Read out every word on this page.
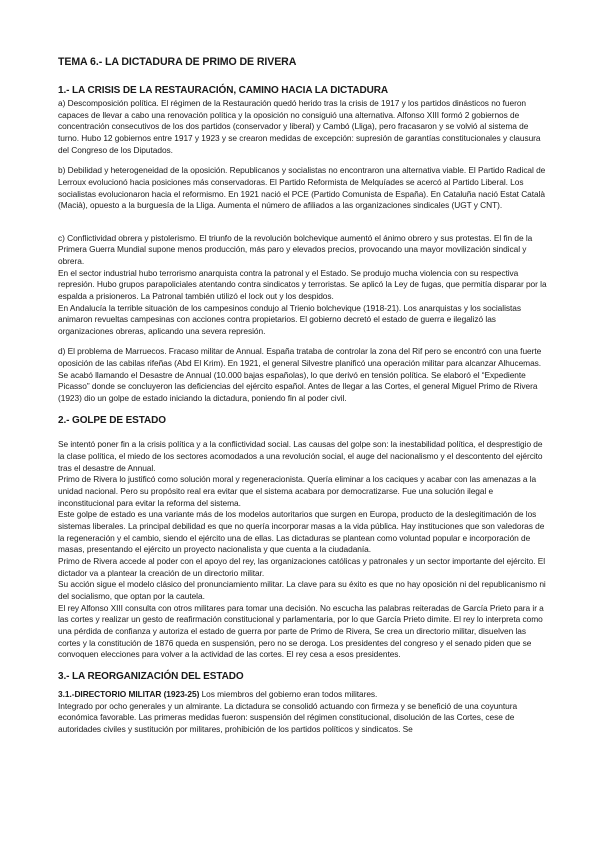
TEMA 6.- LA DICTADURA DE PRIMO DE RIVERA
1.- LA CRISIS DE LA RESTAURACIÓN, CAMINO HACIA LA DICTADURA
a) Descomposición política. El régimen de la Restauración quedó herido tras la crisis de 1917 y los partidos dinásticos no fueron capaces de llevar a cabo una renovación política y la oposición no consiguió una alternativa. Alfonso XIII formó 2 gobiernos de concentración consecutivos de los dos partidos (conservador y liberal) y Cambó (Lliga), pero fracasaron y se volvió al sistema de turno. Hubo 12 gobiernos entre 1917 y 1923 y se crearon medidas de excepción: supresión de garantías constitucionales y clausura del Congreso de los Diputados.
b) Debilidad y heterogeneidad de la oposición. Republicanos y socialistas no encontraron una alternativa viable. El Partido Radical de Lerroux evolucionó hacia posiciones más conservadoras. El Partido Reformista de Melquíades se acercó al Partido Liberal. Los socialistas evolucionaron hacia el reformismo. En 1921 nació el PCE (Partido Comunista de España). En Cataluña nació Estat Català (Macià), opuesto a la burguesía de la Lliga. Aumenta el número de afiliados a las organizaciones sindicales (UGT y CNT).

c) Conflictividad obrera y pistolerismo. El triunfo de la revolución bolchevique aumentó el ánimo obrero y sus protestas. El fin de la Primera Guerra Mundial supone menos producción, más paro y elevados precios, provocando una mayor movilización sindical y obrera.
En el sector industrial hubo terrorismo anarquista contra la patronal y el Estado. Se produjo mucha violencia con su respectiva represión. Hubo grupos parapoliciales atentando contra sindicatos y terroristas. Se aplicó la Ley de fugas, que permitía disparar por la espalda a prisioneros. La Patronal también utilizó el lock out y los despidos.
En Andalucía la terrible situación de los campesinos condujo al Trienio bolchevique (1918-21). Los anarquistas y los socialistas animaron revueltas campesinas con acciones contra propietarios. El gobierno decretó el estado de guerra e ilegalizó las organizaciones obreras, aplicando una severa represión.

d) El problema de Marruecos. Fracaso militar de Annual. España trataba de controlar la zona del Rif pero se encontró con una fuerte oposición de las cabilas rifeñas (Abd El Krim). En 1921, el general Silvestre planificó una operación militar para alcanzar Alhucemas. Se acabó llamando el Desastre de Annual (10.000 bajas españolas), lo que derivó en tensión política. Se elaboró el “Expediente Picasso” donde se concluyeron las deficiencias del ejército español. Antes de llegar a las Cortes, el general Miguel Primo de Rivera (1923) dio un golpe de estado iniciando la dictadura, poniendo fin al poder civil.
2.- GOLPE DE ESTADO

Se intentó poner fin a la crisis política y a la conflictividad social. Las causas del golpe son: la inestabilidad política, el desprestigio de la clase política, el miedo de los sectores acomodados a una revolución social, el auge del nacionalismo y el descontento del ejército tras el desastre de Annual.
Primo de Rivera lo justificó como solución moral y regeneracionista. Quería eliminar a los caciques y acabar con las amenazas a la unidad nacional. Pero su propósito real era evitar que el sistema acabara por democratizarse. Fue una solución ilegal e inconstitucional para evitar la reforma del sistema.
Este golpe de estado es una variante más de los modelos autoritarios que surgen en Europa, producto de la deslegitimación de los sistemas liberales. La principal debilidad es que no quería incorporar masas a la vida pública. Hay instituciones que son valedoras de la regeneración y el cambio, siendo el ejército una de ellas. Las dictaduras se plantean como voluntad popular e incorporación de masas, presentando el ejército un proyecto nacionalista y que cuenta a la ciudadanía.
Primo de Rivera accede al poder con el apoyo del rey, las organizaciones católicas y patronales y un sector importante del ejército. El dictador va a plantear la creación de un directorio militar.
Su acción sigue el modelo clásico del pronunciamiento militar. La clave para su éxito es que no hay oposición ni del republicanismo ni del socialismo, que optan por la cautela.
El rey Alfonso XIII consulta con otros militares para tomar una decisión. No escucha las palabras reiteradas de García Prieto para ir a las cortes y realizar un gesto de reafirmación constitucional y parlamentaria, por lo que García Prieto dimite. El rey lo interpreta como una pérdida de confianza y autoriza el estado de guerra por parte de Primo de Rivera, Se crea un directorio militar, disuelven las cortes y la constitución de 1876 queda en suspensión, pero no se deroga. Los presidentes del congreso y el senado piden que se convoquen elecciones para volver a la actividad de las cortes. El rey cesa a esos presidentes.

3.- LA REORGANIZACIÓN DEL ESTADO
3.1.-DIRECTORIO MILITAR (1923-25) Los miembros del gobierno eran todos militares.
Integrado por ocho generales y un almirante. La dictadura se consolidó actuando con firmeza y se benefició de una coyuntura económica favorable. Las primeras medidas fueron: suspensión del régimen constitucional, disolución de las Cortes, cese de autoridades civiles y sustitución por militares, prohibición de los partidos políticos y sindicatos. Se
